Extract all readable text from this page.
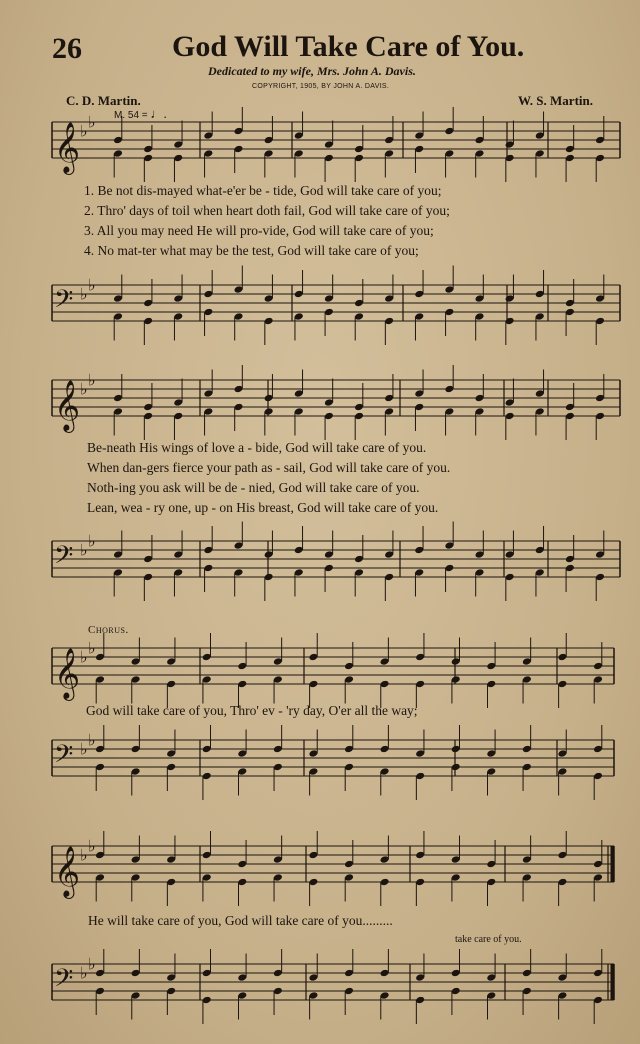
𝄞 ♭ ♭
𝄢 ♭ ♭
𝄞 ♭ ♭
𝄢 ♭ ♭
𝄞 ♭ ♭
𝄢 ♭ ♭
𝄞 ♭ ♭
𝄢 ♭ ♭
26	God Will Take Care of You.
Dedicated to my wife, Mrs. John A. Davis.
COPYRIGHT, 1905, BY JOHN A. DAVIS.
C. D. Martin.	W. S. Martin.
M. 54 = ♩.
1. Be not dis-mayed what-e'er be - tide, God will take care of you;
2. Thro' days of toil when heart doth fail, God will take care of you;
3. All you may need He will pro-vide, God will take care of you;
4. No mat-ter what may be the test, God will take care of you;
Be-neath His wings of love a - bide, God will take care of you.
When dan-gers fierce your path as - sail, God will take care of you.
Noth-ing you ask will be de - nied, God will take care of you.
Lean, wea - ry one, up - on His breast, God will take care of you.
Chorus.
God will take care of you, Thro' ev - 'ry day, O'er all the way;
He will take care of you, God will take care of you.........
take care of you.
